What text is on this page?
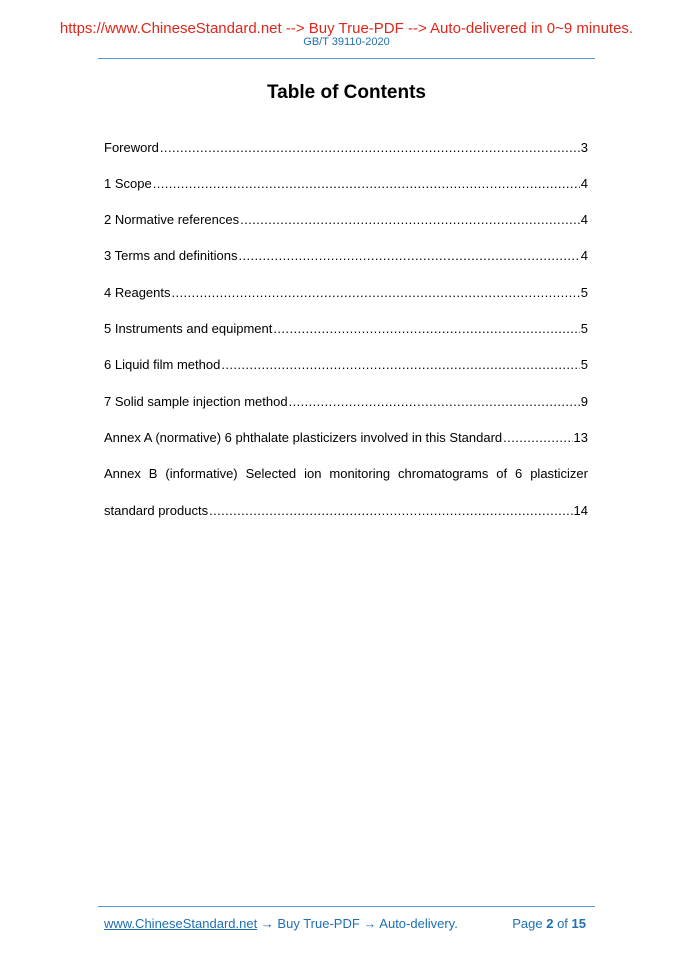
https://www.ChineseStandard.net --> Buy True-PDF --> Auto-delivered in 0~9 minutes.
GB/T 39110-2020
Table of Contents
Foreword .....	3
1 Scope .....	4
2 Normative references .....	4
3 Terms and definitions .....	4
4 Reagents .....	5
5 Instruments and equipment .....	5
6 Liquid film method .....	5
7 Solid sample injection method .....	9
Annex A (normative) 6 phthalate plasticizers involved in this Standard .....	13
Annex B (informative) Selected ion monitoring chromatograms of 6 plasticizer
standard products .....	14
www.ChineseStandard.net → Buy True-PDF → Auto-delivery.	Page 2 of 15
